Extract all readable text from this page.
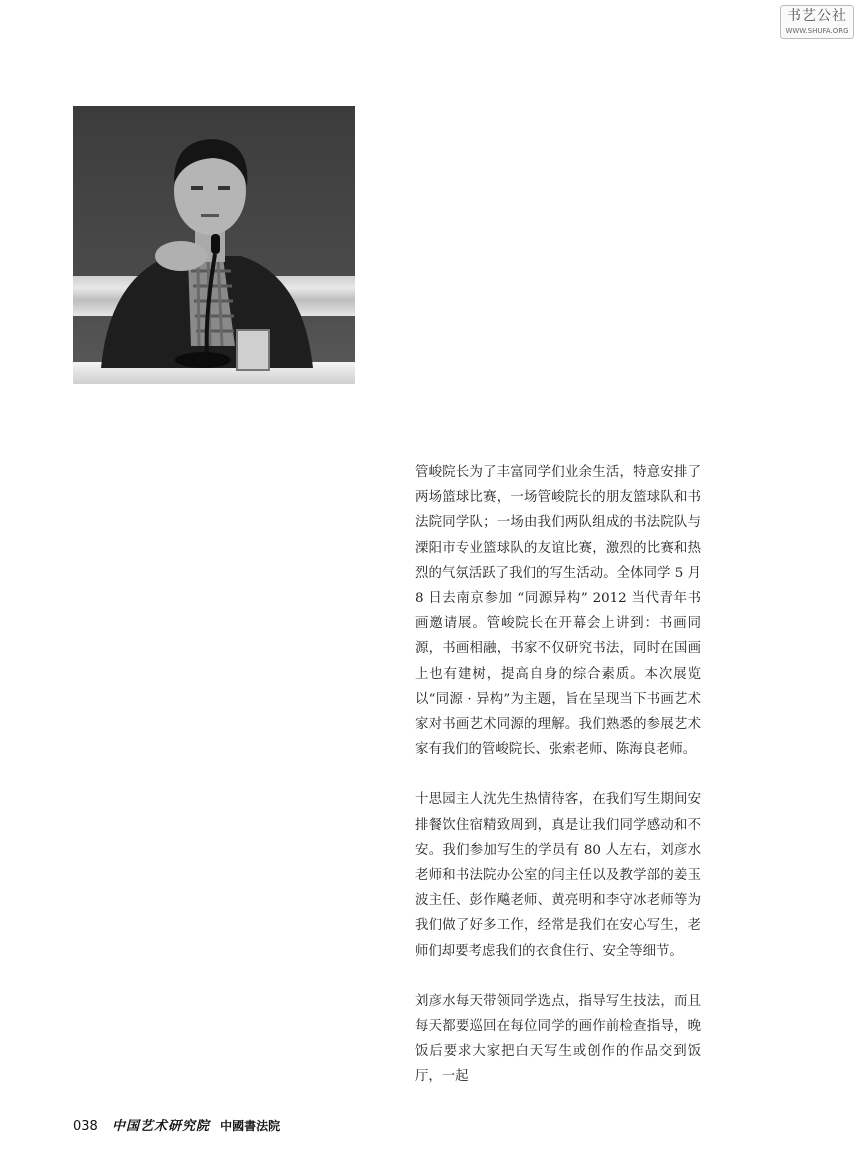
书艺公社
WWW.SHUFA.ORG

管峻院长为了丰富同学们业余生活，特意安排了两场篮球比赛，一场管峻院长的朋友篮球队和书法院同学队；一场由我们两队组成的书法院队与溧阳市专业篮球队的友谊比赛，激烈的比赛和热烈的气氛活跃了我们的写生活动。全体同学 5 月 8 日去南京参加 “同源异构” 2012 当代青年书画邀请展。管峻院长在开幕会上讲到：书画同源，书画相融，书家不仅研究书法，同时在国画上也有建树，提高自身的综合素质。本次展览以“同源 · 异构”为主题，旨在呈现当下书画艺术家对书画艺术同源的理解。我们熟悉的参展艺术家有我们的管峻院长、张索老师、陈海良老师。

十思园主人沈先生热情待客，在我们写生期间安排餐饮住宿精致周到，真是让我们同学感动和不安。我们参加写生的学员有 80 人左右，刘彦水老师和书法院办公室的闫主任以及教学部的姜玉波主任、彭作飚老师、黄亮明和李守冰老师等为我们做了好多工作，经常是我们在安心写生，老师们却要考虑我们的衣食住行、安全等细节。

刘彦水每天带领同学选点，指导写生技法，而且每天都要巡回在每位同学的画作前检查指导，晚饭后要求大家把白天写生或创作的作品交到饭厅，一起

038 中国艺术研究院 中國書法院
